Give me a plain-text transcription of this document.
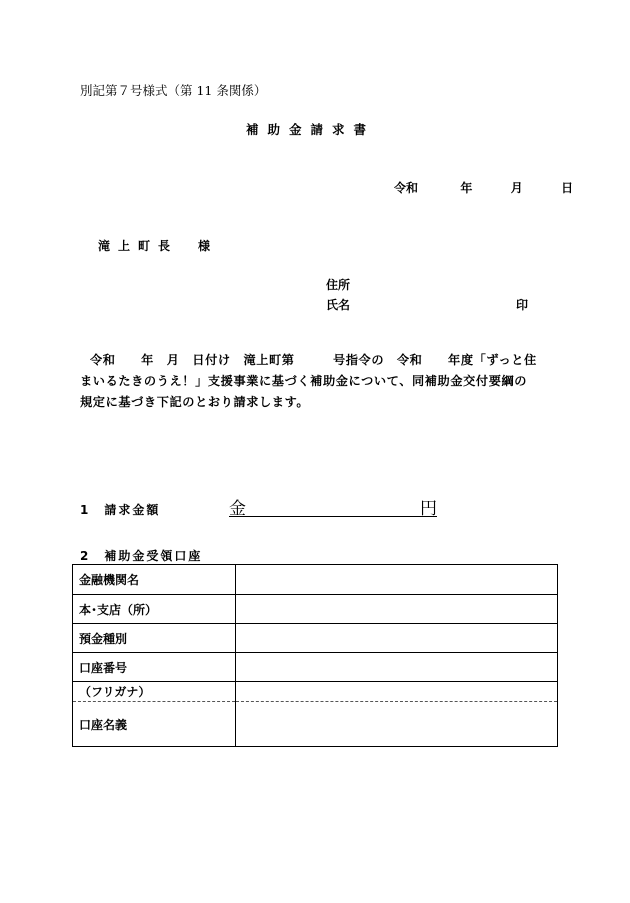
別記第７号様式（第 11 条関係）
補助金請求書
令和	年	月	日
滝上町長　様
住所
氏名	印

令和　　年　月　日付け　滝上町第　　　号指令の　令和　　年度「ずっと住

まいるたきのうえ！」支援事業に基づく補助金について、同補助金交付要綱の

規定に基づき下記のとおり請求します。

1　請求金額	金	円
2　補助金受領口座
金融機関名	
本･支店（所）	
預金種別	
口座番号	
（フリガナ）	
口座名義	
